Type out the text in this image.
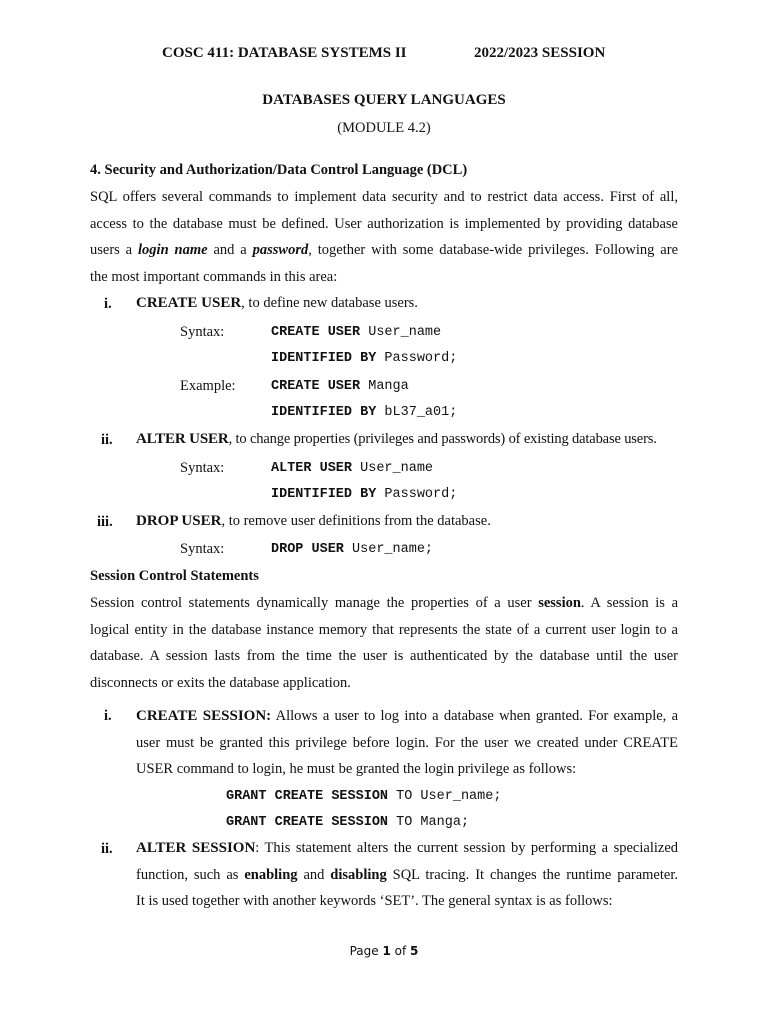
COSC 411: DATABASE SYSTEMS II	2022/2023 SESSION
DATABASES QUERY LANGUAGES
(MODULE 4.2)
4. Security and Authorization/Data Control Language (DCL)
SQL offers several commands to implement data security and to restrict data access. First of all,
access to the database must be defined. User authorization is implemented by providing database
users a login name and a password, together with some database-wide privileges. Following are
the most important commands in this area:
i. CREATE USER, to define new database users.
Syntax:	CREATE USER User_name
IDENTIFIED BY Password;
Example:	CREATE USER Manga
IDENTIFIED BY bL37_a01;
ii. ALTER USER, to change properties (privileges and passwords) of existing database users.
Syntax:	ALTER USER User_name
IDENTIFIED BY Password;
iii. DROP USER, to remove user definitions from the database.
Syntax:	DROP USER User_name;
Session Control Statements
Session control statements dynamically manage the properties of a user session. A session is a
logical entity in the database instance memory that represents the state of a current user login to a
database. A session lasts from the time the user is authenticated by the database until the user
disconnects or exits the database application.
i. CREATE SESSION: Allows a user to log into a database when granted. For example, a
user must be granted this privilege before login. For the user we created under CREATE
USER command to login, he must be granted the login privilege as follows:
GRANT CREATE SESSION TO User_name;
GRANT CREATE SESSION TO Manga;
ii. ALTER SESSION: This statement alters the current session by performing a specialized
function, such as enabling and disabling SQL tracing. It changes the runtime parameter.
It is used together with another keywords ‘SET’. The general syntax is as follows:
Page 1 of 5
